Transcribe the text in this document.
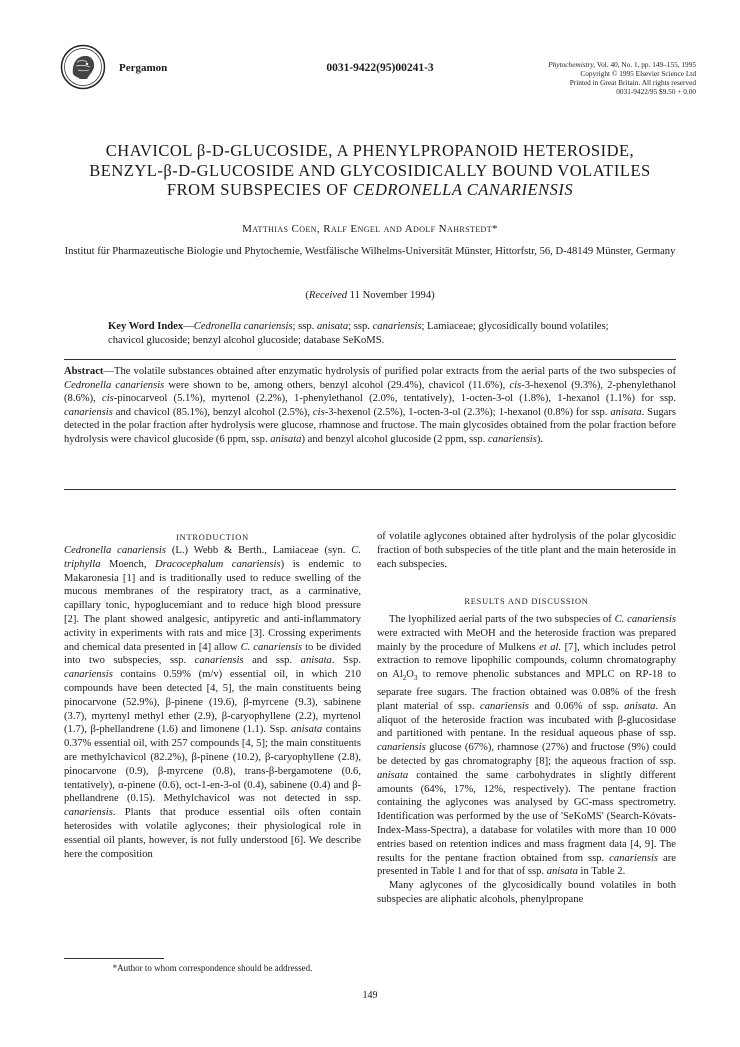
Pergamon	0031-9422(95)00241-3	Phytochemistry, Vol. 40, No. 1, pp. 149–155, 1995
Copyright © 1995 Elsevier Science Ltd
Printed in Great Britain. All rights reserved
0031-9422/95 $9.50 + 0.00
CHAVICOL β-D-GLUCOSIDE, A PHENYLPROPANOID HETEROSIDE,
BENZYL-β-D-GLUCOSIDE AND GLYCOSIDICALLY BOUND VOLATILES
FROM SUBSPECIES OF CEDRONELLA CANARIENSIS
Matthias Coen, Ralf Engel and Adolf Nahrstedt*
Institut für Pharmazeutische Biologie und Phytochemie, Westfälische Wilhelms-Universität Münster, Hittorfstr, 56, D-48149 Münster, Germany
(Received 11 November 1994)
Key Word Index—Cedronella canariensis; ssp. anisata; ssp. canariensis; Lamiaceae; glycosidically bound volatiles; chavicol glucoside; benzyl alcohol glucoside; database SeKoMS.
Abstract—The volatile substances obtained after enzymatic hydrolysis of purified polar extracts from the aerial parts of the two subspecies of Cedronella canariensis were shown to be, among others, benzyl alcohol (29.4%), chavicol (11.6%), cis-3-hexenol (9.3%), 2-phenylethanol (8.6%), cis-pinocarveol (5.1%), myrtenol (2.2%), 1-phenylethanol (2.0%, tentatively), 1-octen-3-ol (1.8%), 1-hexanol (1.1%) for ssp. canariensis and chavicol (85.1%), benzyl alcohol (2.5%), cis-3-hexenol (2.5%), 1-octen-3-ol (2.3%); 1-hexanol (0.8%) for ssp. anisata. Sugars detected in the polar fraction after hydrolysis were glucose, rhamnose and fructose. The main glycosides obtained from the polar fraction before hydrolysis were chavicol glucoside (6 ppm, ssp. anisata) and benzyl alcohol glucoside (2 ppm, ssp. canariensis).
INTRODUCTION

Cedronella canariensis (L.) Webb & Berth., Lamiaceae (syn. C. triphylla Moench, Dracocephalum canariensis) is endemic to Makaronesia [1] and is traditionally used to reduce swelling of the mucous membranes of the respiratory tract, as a carminative, capillary tonic, hypoglucemiant and to reduce high blood pressure [2]. The plant showed analgesic, antipyretic and anti-inflammatory activity in experiments with rats and mice [3]. Crossing experiments and chemical data presented in [4] allow C. canariensis to be divided into two subspecies, ssp. canariensis and ssp. anisata. Ssp. canariensis contains 0.59% (m/v) essential oil, in which 210 compounds have been detected [4, 5], the main constituents being pinocarvone (52.9%), β-pinene (19.6), β-myrcene (9.3), sabinene (3.7), myrtenyl methyl ether (2.9), β-caryophyllene (2.2), myrtenol (1.7), β-phellandrene (1.6) and limonene (1.1). Ssp. anisata contains 0.37% essential oil, with 257 compounds [4, 5]; the main constituents are methylchavicol (82.2%), β-pinene (10.2), β-caryophyllene (2.8), pinocarvone (0.9), β-myrcene (0.8), trans-β-bergamotene (0.6, tentatively), α-pinene (0.6), oct-1-en-3-ol (0.4), sabinene (0.4) and β-phellandrene (0.15). Methylchavicol was not detected in ssp. canariensis. Plants that produce essential oils often contain heterosides with volatile aglycones; their physiological role in essential oil plants, however, is not fully understood [6]. We describe here the composition

of volatile aglycones obtained after hydrolysis of the polar glycosidic fraction of both subspecies of the title plant and the main heteroside in each subspecies.

RESULTS AND DISCUSSION

The lyophilized aerial parts of the two subspecies of C. canariensis were extracted with MeOH and the heteroside fraction was prepared mainly by the procedure of Mulkens et al. [7], which includes petrol extraction to remove lipophilic compounds, column chromatography on $Al_2O_3$ to remove phenolic substances and MPLC on RP-18 to separate free sugars. The fraction obtained was 0.08% of the fresh plant material of ssp. canariensis and 0.06% of ssp. anisata. An aliquot of the heteroside fraction was incubated with β-glucosidase and partitioned with pentane. In the residual aqueous phase of ssp. canariensis glucose (67%), rhamnose (27%) and fructose (9%) could be detected by gas chromatography [8]; the aqueous fraction of ssp. anisata contained the same carbohydrates in slightly different amounts (64%, 17%, 12%, respectively). The pentane fraction containing the aglycones was analysed by GC-mass spectrometry. Identification was performed by the use of 'SeKoMS' (Search-Kóvats-Index-Mass-Spectra), a database for volatiles with more than 10 000 entries based on retention indices and mass fragment data [4, 9]. The results for the pentane fraction obtained from ssp. canariensis are presented in Table 1 and for that of ssp. anisata in Table 2.

Many aglycones of the glycosidically bound volatiles in both subspecies are aliphatic alcohols, phenylpropane

*Author to whom correspondence should be addressed.
149
